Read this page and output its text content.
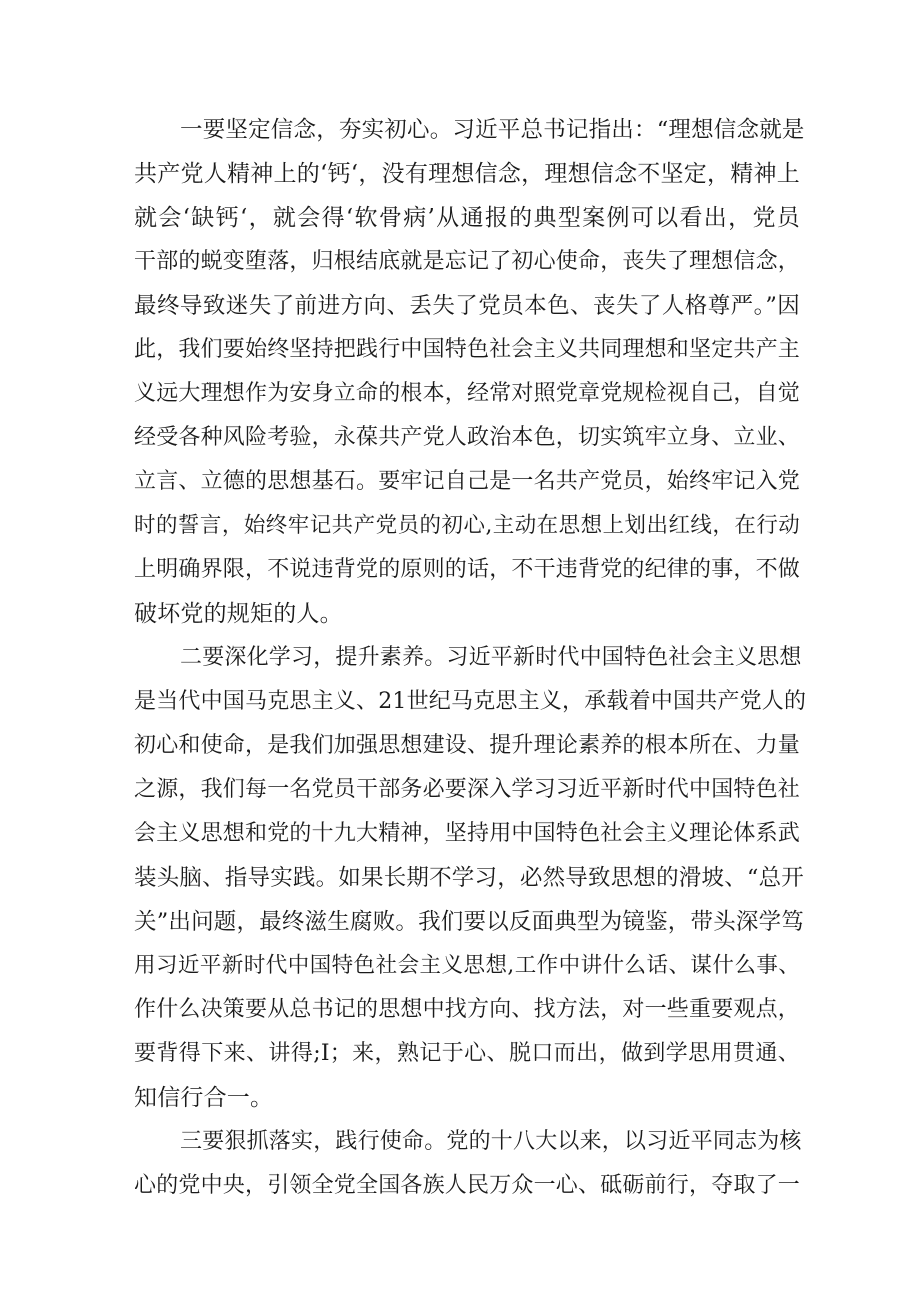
一要坚定信念，夯实初心。习近平总书记指出：“理想信念就是
共产党人精神上的‘钙‘，没有理想信念，理想信念不坚定，精神上
就会‘缺钙‘，就会得‘软骨病’从通报的典型案例可以看出，党员
干部的蜕变堕落，归根结底就是忘记了初心使命，丧失了理想信念，
最终导致迷失了前进方向、丢失了党员本色、丧失了人格尊严。”因
此，我们要始终坚持把践行中国特色社会主义共同理想和坚定共产主
义远大理想作为安身立命的根本，经常对照党章党规检视自己，自觉
经受各种风险考验，永葆共产党人政治本色，切实筑牢立身、立业、
立言、立德的思想基石。要牢记自己是一名共产党员，始终牢记入党
时的誓言，始终牢记共产党员的初心,主动在思想上划出红线，在行动
上明确界限，不说违背党的原则的话，不干违背党的纪律的事，不做
破坏党的规矩的人。
二要深化学习，提升素养。习近平新时代中国特色社会主义思想
是当代中国马克思主义、21世纪马克思主义，承载着中国共产党人的
初心和使命，是我们加强思想建设、提升理论素养的根本所在、力量
之源，我们每一名党员干部务必要深入学习习近平新时代中国特色社
会主义思想和党的十九大精神，坚持用中国特色社会主义理论体系武
装头脑、指导实践。如果长期不学习，必然导致思想的滑坡、“总开
关”出问题，最终滋生腐败。我们要以反面典型为镜鉴，带头深学笃
用习近平新时代中国特色社会主义思想,工作中讲什么话、谋什么事、
作什么决策要从总书记的思想中找方向、找方法，对一些重要观点，
要背得下来、讲得;I；来，熟记于心、脱口而出，做到学思用贯通、
知信行合一。
三要狠抓落实，践行使命。党的十八大以来，以习近平同志为核
心的党中央，引领全党全国各族人民万众一心、砥砺前行，夺取了一
